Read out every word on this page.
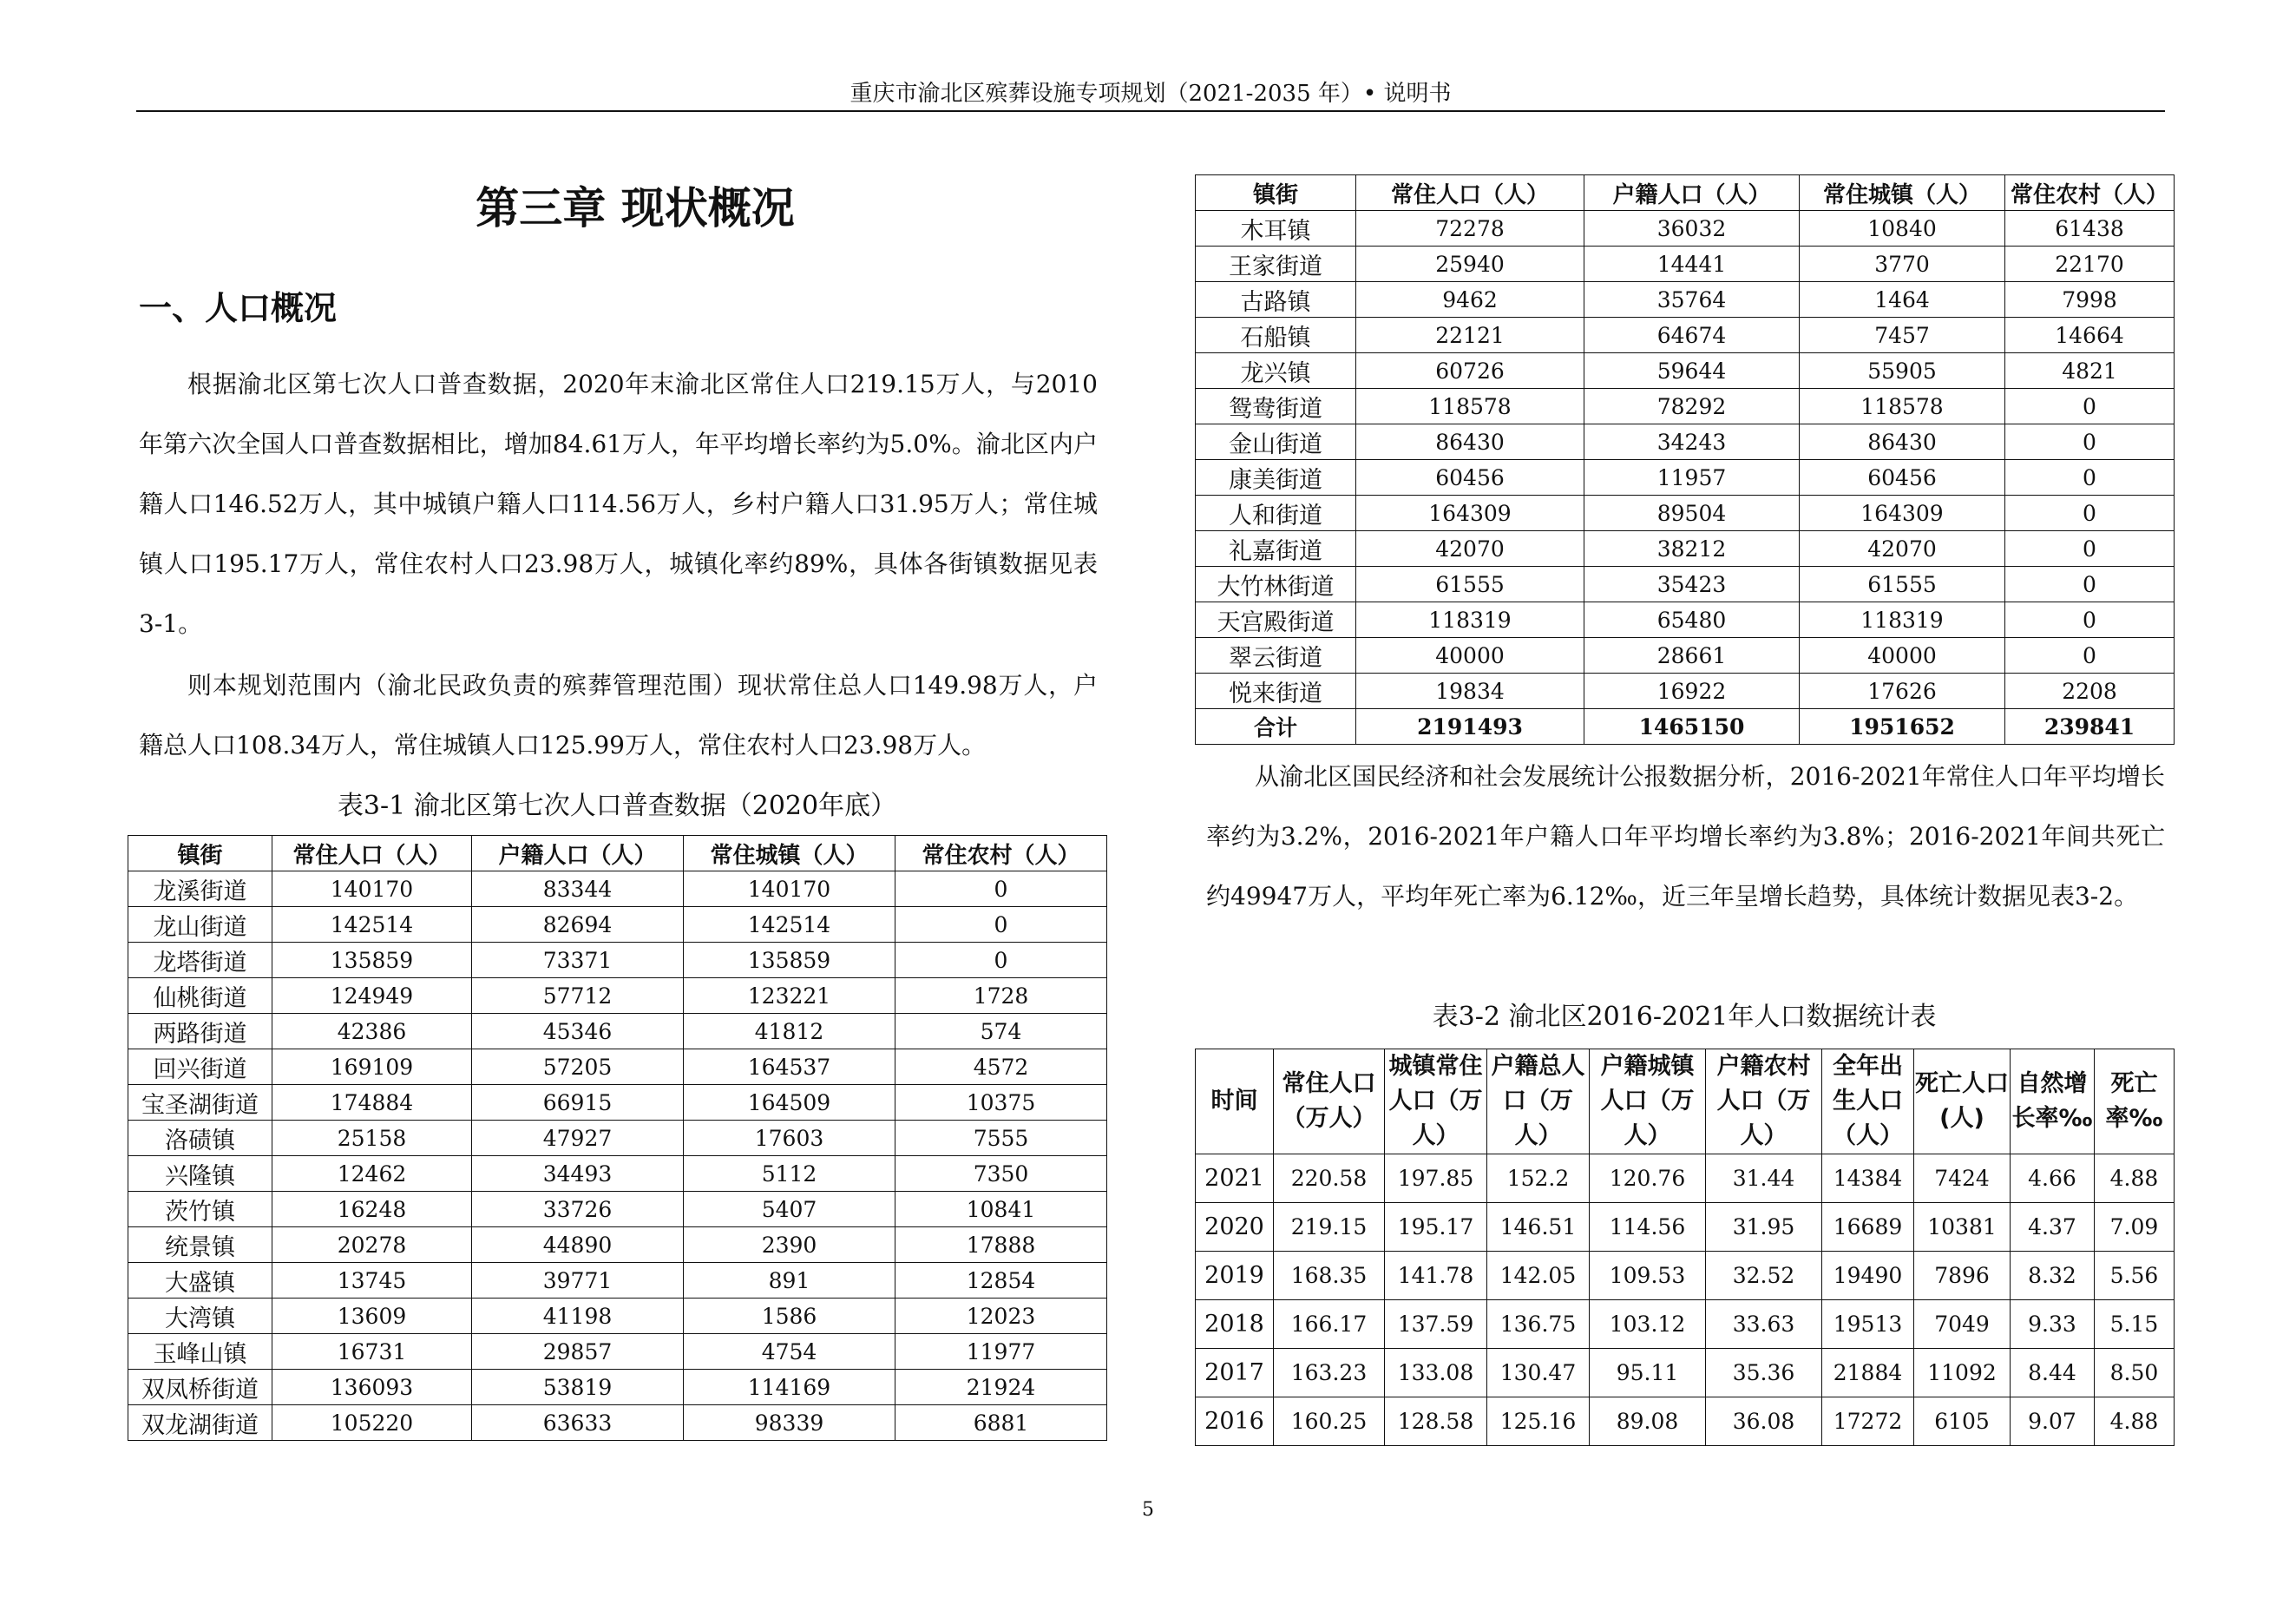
重庆市渝北区殡葬设施专项规划（2021-2035 年）• 说明书
第三章 现状概况
一、人口概况

根据渝北区第七次人口普查数据，2020年末渝北区常住人口219.15万人，与2010年第六次全国人口普查数据相比，增加84.61万人，年平均增长率约为5.0%。渝北区内户籍人口146.52万人，其中城镇户籍人口114.56万人，乡村户籍人口31.95万人；常住城镇人口195.17万人，常住农村人口23.98万人，城镇化率约89%，具体各街镇数据见表3-1。

则本规划范围内（渝北民政负责的殡葬管理范围）现状常住总人口149.98万人，户籍总人口108.34万人，常住城镇人口125.99万人，常住农村人口23.98万人。

表3-1 渝北区第七次人口普查数据（2020年底）
镇街	常住人口（人）	户籍人口（人）	常住城镇（人）	常住农村（人）
龙溪街道	140170	83344	140170	0
龙山街道	142514	82694	142514	0
龙塔街道	135859	73371	135859	0
仙桃街道	124949	57712	123221	1728
两路街道	42386	45346	41812	574
回兴街道	169109	57205	164537	4572
宝圣湖街道	174884	66915	164509	10375
洛碛镇	25158	47927	17603	7555
兴隆镇	12462	34493	5112	7350
茨竹镇	16248	33726	5407	10841
统景镇	20278	44890	2390	17888
大盛镇	13745	39771	891	12854
大湾镇	13609	41198	1586	12023
玉峰山镇	16731	29857	4754	11977
双凤桥街道	136093	53819	114169	21924
双龙湖街道	105220	63633	98339	6881
镇街	常住人口（人）	户籍人口（人）	常住城镇（人）	常住农村（人）
木耳镇	72278	36032	10840	61438
王家街道	25940	14441	3770	22170
古路镇	9462	35764	1464	7998
石船镇	22121	64674	7457	14664
龙兴镇	60726	59644	55905	4821
鸳鸯街道	118578	78292	118578	0
金山街道	86430	34243	86430	0
康美街道	60456	11957	60456	0
人和街道	164309	89504	164309	0
礼嘉街道	42070	38212	42070	0
大竹林街道	61555	35423	61555	0
天宫殿街道	118319	65480	118319	0
翠云街道	40000	28661	40000	0
悦来街道	19834	16922	17626	2208
合计	2191493	1465150	1951652	239841

从渝北区国民经济和社会发展统计公报数据分析，2016-2021年常住人口年平均增长率约为3.2%，2016-2021年户籍人口年平均增长率约为3.8%；2016-2021年间共死亡约49947万人，平均年死亡率为6.12‰，近三年呈增长趋势，具体统计数据见表3-2。

表3-2 渝北区2016-2021年人口数据统计表
时间	常住人口（万人）	城镇常住人口（万人）	户籍总人口（万人）	户籍城镇人口（万人）	户籍农村人口（万人）	全年出生人口（人）	死亡人口(人)	自然增长率‰	死亡率‰
2021	220.58	197.85	152.2	120.76	31.44	14384	7424	4.66	4.88
2020	219.15	195.17	146.51	114.56	31.95	16689	10381	4.37	7.09
2019	168.35	141.78	142.05	109.53	32.52	19490	7896	8.32	5.56
2018	166.17	137.59	136.75	103.12	33.63	19513	7049	9.33	5.15
2017	163.23	133.08	130.47	95.11	35.36	21884	11092	8.44	8.50
2016	160.25	128.58	125.16	89.08	36.08	17272	6105	9.07	4.88
5
